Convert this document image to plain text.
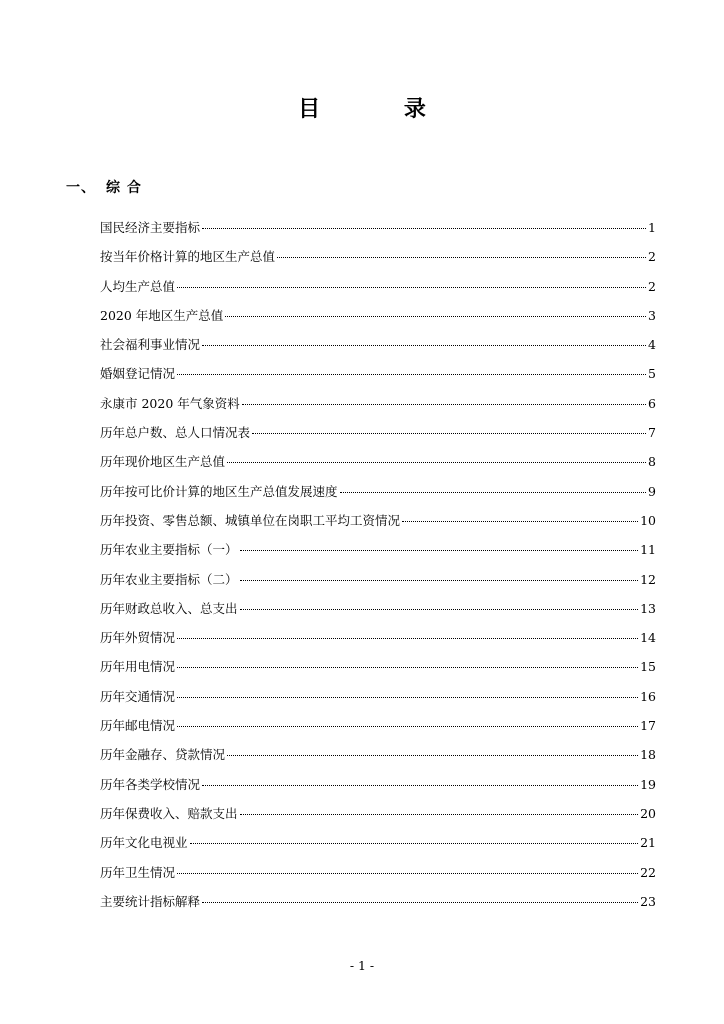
目 录
一、 综 合
国民经济主要指标	1
按当年价格计算的地区生产总值	2
人均生产总值	2
2020 年地区生产总值	3
社会福利事业情况	4
婚姻登记情况	5
永康市 2020 年气象资料	6
历年总户数、总人口情况表	7
历年现价地区生产总值	8
历年按可比价计算的地区生产总值发展速度	9
历年投资、零售总额、城镇单位在岗职工平均工资情况	10
历年农业主要指标（一）	11
历年农业主要指标（二）	12
历年财政总收入、总支出	13
历年外贸情况	14
历年用电情况	15
历年交通情况	16
历年邮电情况	17
历年金融存、贷款情况	18
历年各类学校情况	19
历年保费收入、赔款支出	20
历年文化电视业	21
历年卫生情况	22
主要统计指标解释	23
- 1 -
